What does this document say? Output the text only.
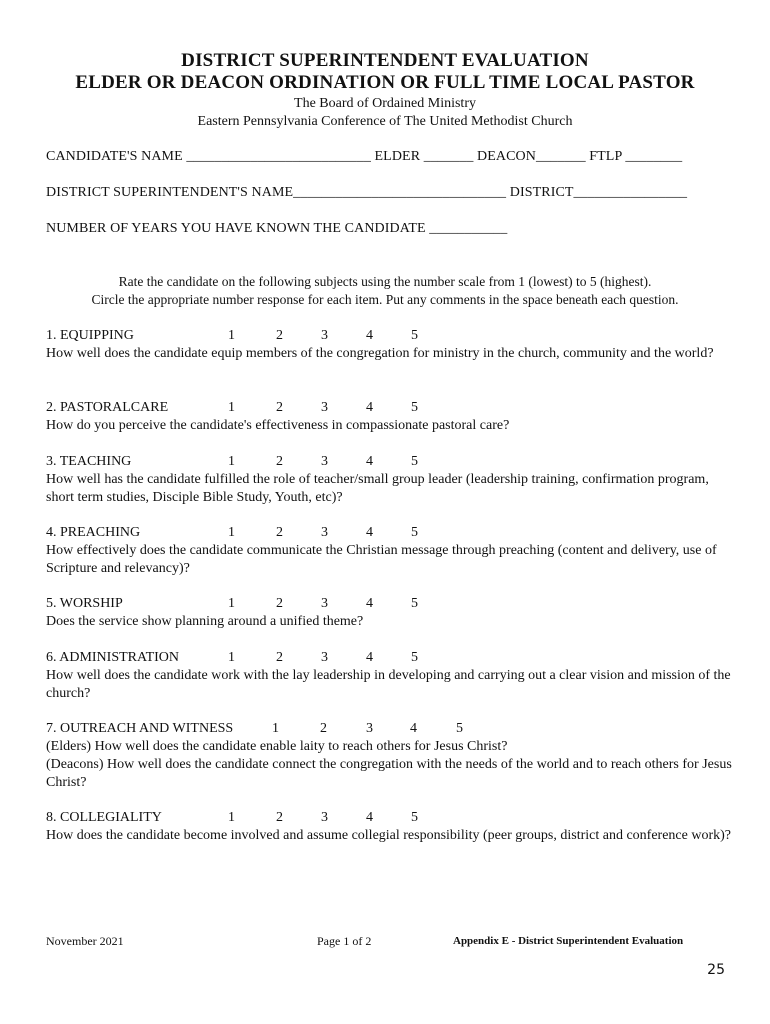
DISTRICT SUPERINTENDENT EVALUATION
ELDER OR DEACON ORDINATION OR FULL TIME LOCAL PASTOR
The Board of Ordained Ministry
Eastern Pennsylvania Conference of The United Methodist Church
CANDIDATE'S NAME __________________________ ELDER _______ DEACON_______ FTLP ________
DISTRICT SUPERINTENDENT'S NAME______________________________ DISTRICT________________
NUMBER OF YEARS YOU HAVE KNOWN THE CANDIDATE ___________
Rate the candidate on the following subjects using the number scale from 1 (lowest) to 5 (highest).
Circle the appropriate number response for each item. Put any comments in the space beneath each question.
1. EQUIPPING	1	2	3	4	5
How well does the candidate equip members of the congregation for ministry in the church, community and the world?
2. PASTORALCARE	1	2	3	4	5
How do you perceive the candidate's effectiveness in compassionate pastoral care?
3. TEACHING	1	2	3	4	5
How well has the candidate fulfilled the role of teacher/small group leader (leadership training, confirmation program, short term studies, Disciple Bible Study, Youth, etc)?
4. PREACHING	1	2	3	4	5
How effectively does the candidate communicate the Christian message through preaching (content and delivery, use of Scripture and relevancy)?
5. WORSHIP	1	2	3	4	5
Does the service show planning around a unified theme?
6. ADMINISTRATION	1	2	3	4	5
How well does the candidate work with the lay leadership in developing and carrying out a clear vision and mission of the church?
7. OUTREACH AND WITNESS	1	2	3	4	5
(Elders) How well does the candidate enable laity to reach others for Jesus Christ?
(Deacons) How well does the candidate connect the congregation with the needs of the world and to reach others for Jesus Christ?
8. COLLEGIALITY	1	2	3	4	5
How does the candidate become involved and assume collegial responsibility (peer groups, district and conference work)?
November 2021	Page 1 of 2	Appendix E - District Superintendent Evaluation
25
